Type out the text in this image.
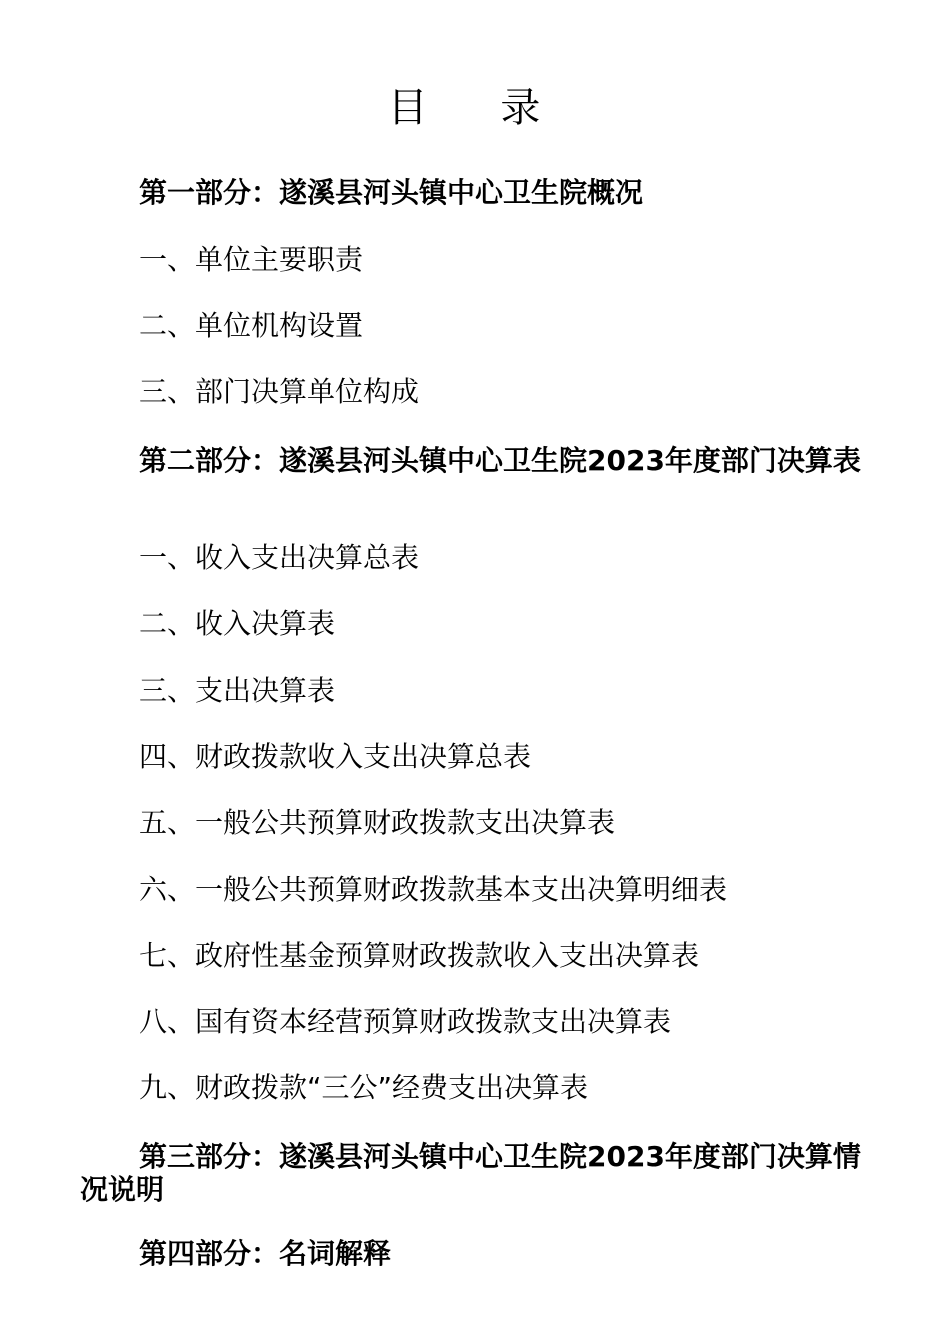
目 录
第一部分：遂溪县河头镇中心卫生院概况
一、单位主要职责
二、单位机构设置
三、部门决算单位构成
第二部分：遂溪县河头镇中心卫生院2023年度部门决算表
一、收入支出决算总表
二、收入决算表
三、支出决算表
四、财政拨款收入支出决算总表
五、一般公共预算财政拨款支出决算表
六、一般公共预算财政拨款基本支出决算明细表
七、政府性基金预算财政拨款收入支出决算表
八、国有资本经营预算财政拨款支出决算表
九、财政拨款“三公”经费支出决算表
第三部分：遂溪县河头镇中心卫生院2023年度部门决算情况说明
第四部分：名词解释
